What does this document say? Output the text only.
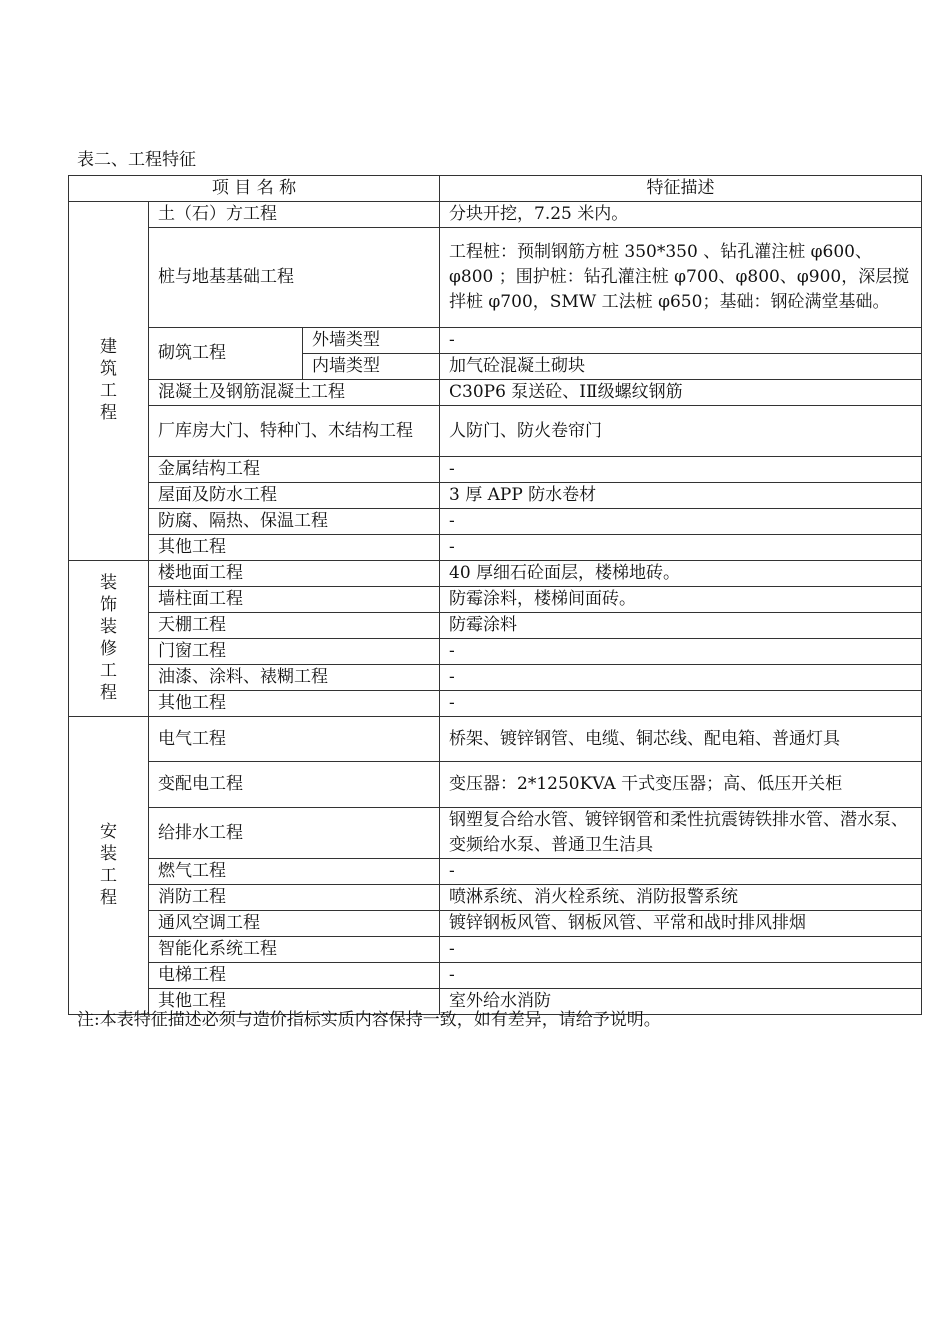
表二、工程特征
项 目 名 称			特征描述
建筑工程	土（石）方工程		分块开挖，7.25 米内。
	桩与地基基础工程		工程桩：预制钢筋方桩 350*350 、钻孔灌注桩 φ600、φ800 ；围护桩：钻孔灌注桩 φ700、φ800、φ900，深层搅拌桩 φ700，SMW 工法桩 φ650；基础：钢砼满堂基础。
	砌筑工程	外墙类型	-
		内墙类型	加气砼混凝土砌块
	混凝土及钢筋混凝土工程		C30P6 泵送砼、ⅠⅡ级螺纹钢筋
	厂库房大门、特种门、木结构工程		人防门、防火卷帘门
	金属结构工程		-
	屋面及防水工程		3 厚 APP 防水卷材
	防腐、隔热、保温工程		-
	其他工程		-
装饰装修工程	楼地面工程		40 厚细石砼面层，楼梯地砖。
	墙柱面工程		防霉涂料，楼梯间面砖。
	天棚工程		防霉涂料
	门窗工程		-
	油漆、涂料、裱糊工程		-
	其他工程		-
安装工程	电气工程		桥架、镀锌钢管、电缆、铜芯线、配电箱、普通灯具
	变配电工程		变压器：2*1250KVA 干式变压器；高、低压开关柜
	给排水工程		钢塑复合给水管、镀锌钢管和柔性抗震铸铁排水管、潜水泵、变频给水泵、普通卫生洁具
	燃气工程		-
	消防工程		喷淋系统、消火栓系统、消防报警系统
	通风空调工程		镀锌钢板风管、钢板风管、平常和战时排风排烟
	智能化系统工程		-
	电梯工程		-
	其他工程		室外给水消防
注:本表特征描述必须与造价指标实质内容保持一致，如有差异，请给予说明。
